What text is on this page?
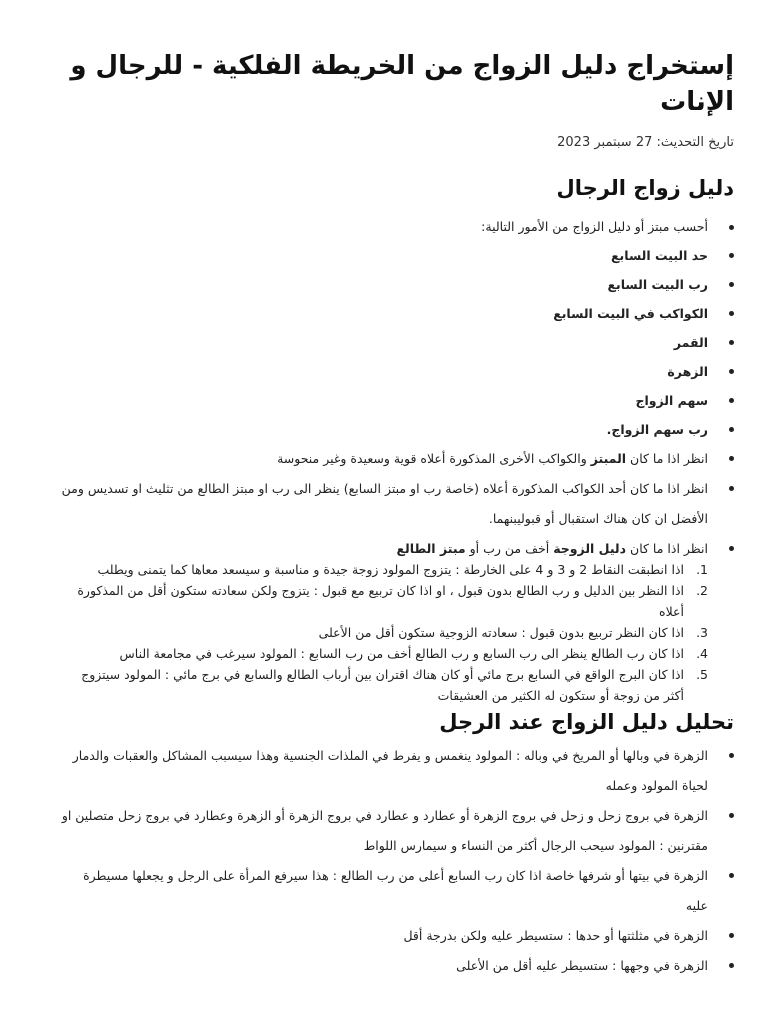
إستخراج دليل الزواج من الخريطة الفلكية - للرجال و الإنات
تاريخ التحديث: 27 سبتمبر 2023
دليل زواج الرجال
أحسب مبتز أو دليل الزواج من الأمور التالية:
حد البيت السابع
رب البيت السابع
الكواكب في البيت السابع
القمر
الزهرة
سهم الزواج
رب سهم الزواج.
انظر اذا ما كان المبتز والكواكب الأخرى المذكورة أعلاه قوية وسعيدة وغير منحوسة
انظر اذا ما كان أحد الكواكب المذكورة أعلاه (خاصة رب او مبتز السابع) ينظر الى رب او مبتز الطالع من تثليث او تسديس ومن الأفضل ان كان هناك استقبال أو قبوليبنهما.
انظر اذا ما كان دليل الزوجة أخف من رب أو مبتز الطالع
1.
اذا انطبقت النقاط 2 و 3 و 4 على الخارطة : يتزوج المولود زوجة جيدة و مناسبة و سيسعد معاها كما يتمنى ويطلب
2.
اذا النظر بين الدليل و رب الطالع بدون قبول ، او اذا كان تربيع مع قبول : يتزوج ولكن سعادته ستكون أقل من المذكورة أعلاه
3.
اذا كان النظر تربيع بدون قبول : سعادته الزوجية ستكون أقل من الأعلى
4.
اذا كان رب الطالع ينظر الى رب السابع و رب الطالع أخف من رب السابع : المولود سيرغب في مجامعة الناس
5.
اذا كان البرج الواقع في السابع برج مائي أو كان هناك اقتران بين أرباب الطالع والسابع في برج مائي : المولود سيتزوج أكثر من زوجة أو ستكون له الكثير من العشيقات
تحليل دليل الزواج عند الرجل
الزهرة في وبالها أو المريخ في وباله : المولود ينغمس و يفرط في الملذات الجنسية وهذا سيسبب المشاكل والعقبات والدمار لحياة المولود وعمله
الزهرة في بروج زحل و زحل في بروج الزهرة أو عطارد و عطارد في بروج الزهرة أو الزهرة وعطارد في بروج زحل متصلين او مقترنين : المولود سيحب الرجال أكثر من النساء و سيمارس اللواط
الزهرة في بيتها أو شرفها خاصة اذا كان رب السابع أعلى من رب الطالع : هذا سيرفع المرأة على الرجل و يجعلها مسيطرة عليه
الزهرة في مثلثتها أو حدها : ستسيطر عليه ولكن بدرجة أقل
الزهرة في وجهها : ستسيطر عليه أقل من الأعلى
